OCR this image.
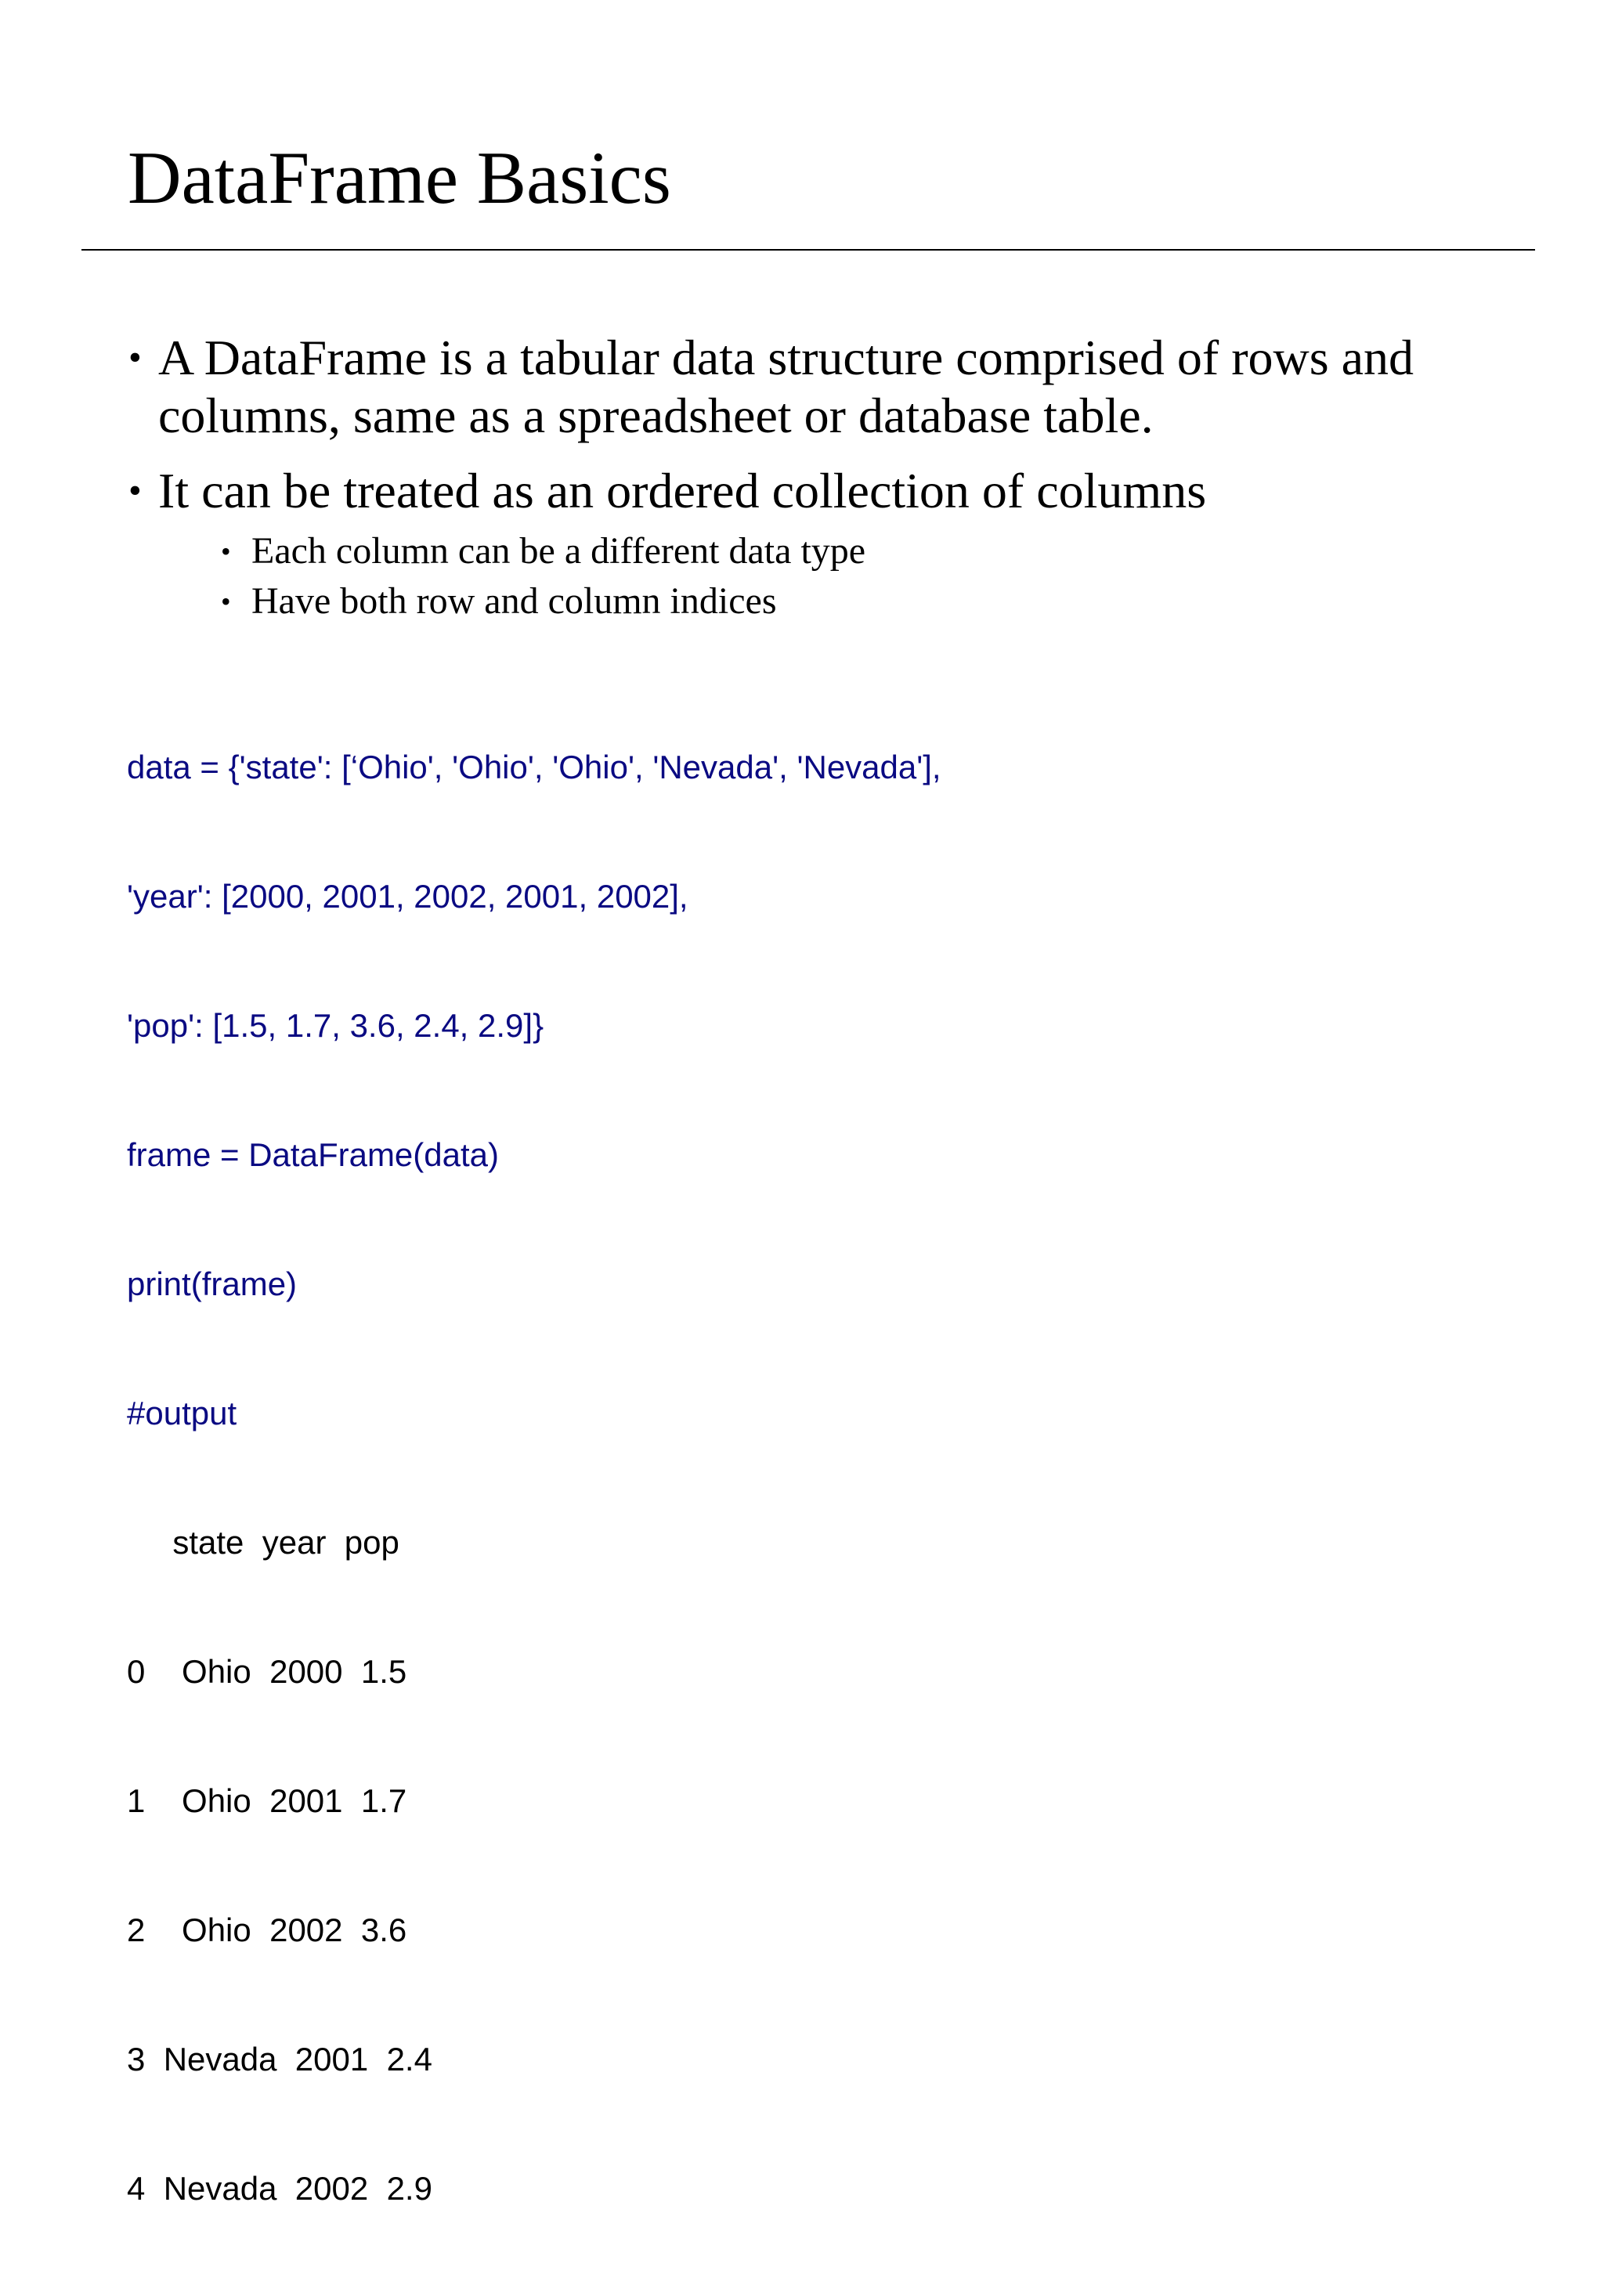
DataFrame Basics
• A DataFrame is a tabular data structure comprised of rows and columns, same as a spreadsheet or database table.
• It can be treated as an ordered collection of columns
• Each column can be a different data type
• Have both row and column indices

data = {'state': [‘Ohio', 'Ohio', 'Ohio', 'Nevada', 'Nevada'],

'year': [2000, 2001, 2002, 2001, 2002],

'pop': [1.5, 1.7, 3.6, 2.4, 2.9]}

frame = DataFrame(data)

print(frame)

#output

state  year  pop

0    Ohio  2000  1.5

1    Ohio  2001  1.7

2    Ohio  2002  3.6

3  Nevada  2001  2.4

4  Nevada  2002  2.9
